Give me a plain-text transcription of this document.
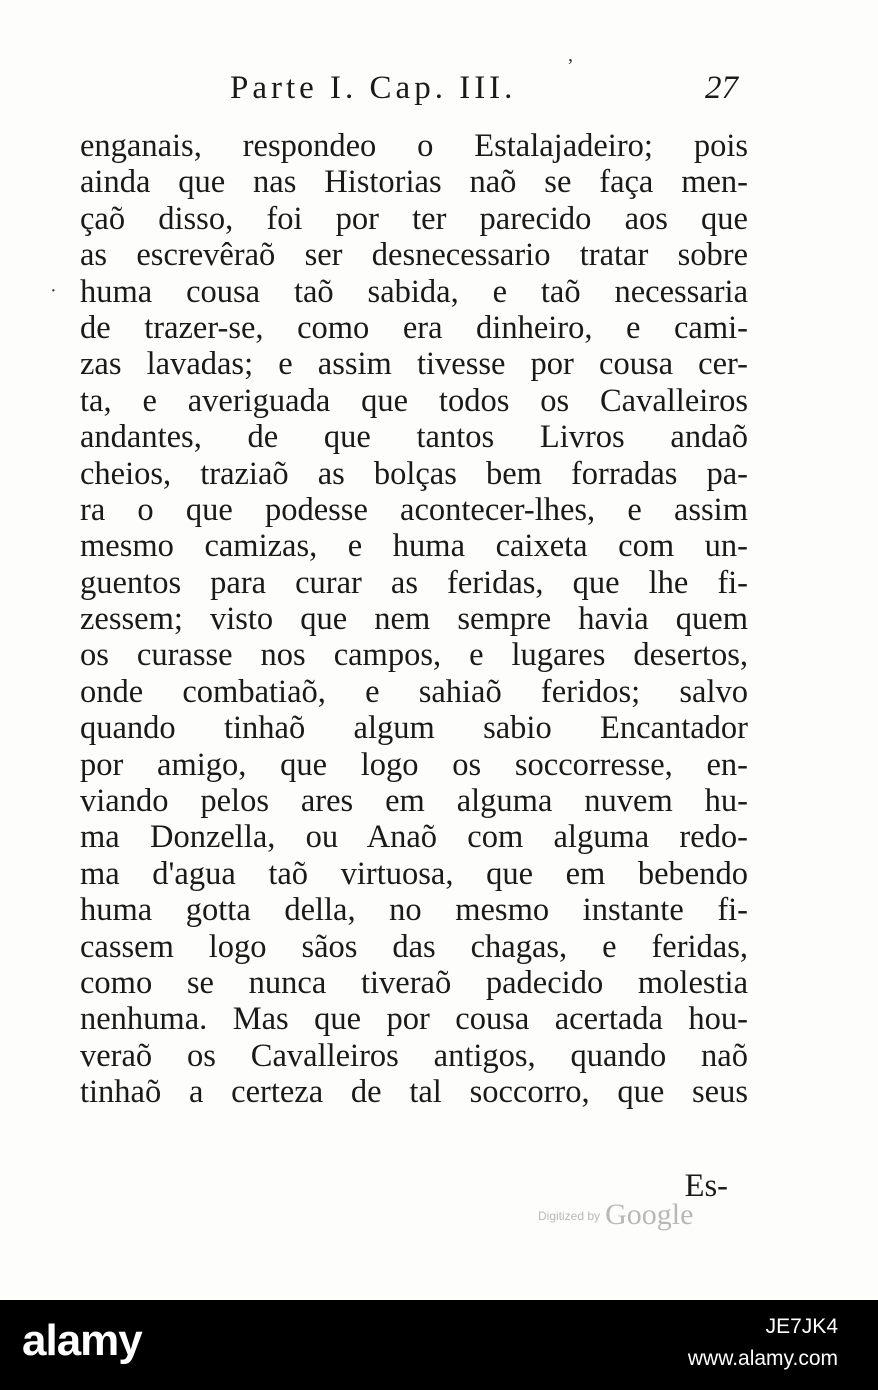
Parte I. Cap. III.	27
,
·
enganais, respondeo o Estalajadeiro; pois
ainda que nas Historias naõ se faça men-
çaõ disso, foi por ter parecido aos que
as escrevêraõ ser desnecessario tratar sobre
huma cousa taõ sabida, e taõ necessaria
de trazer-se, como era dinheiro, e cami-
zas lavadas; e assim tivesse por cousa cer-
ta, e averiguada que todos os Cavalleiros
andantes, de que tantos Livros andaõ
cheios, traziaõ as bolças bem forradas pa-
ra o que podesse acontecer-lhes, e assim
mesmo camizas, e huma caixeta com un-
guentos para curar as feridas, que lhe fi-
zessem; visto que nem sempre havia quem
os curasse nos campos, e lugares desertos,
onde combatiaõ, e sahiaõ feridos; salvo
quando tinhaõ algum sabio Encantador
por amigo, que logo os soccorresse, en-
viando pelos ares em alguma nuvem hu-
ma Donzella, ou Anaõ com alguma redo-
ma d'agua taõ virtuosa, que em bebendo
huma gotta della, no mesmo instante fi-
cassem logo sãos das chagas, e feridas,
como se nunca tiveraõ padecido molestia
nenhuma. Mas que por cousa acertada hou-
veraõ os Cavalleiros antigos, quando naõ
tinhaõ a certeza de tal soccorro, que seus
Es-
$^{Digitized by}$ Google
alamy	JE7JK4
www.alamy.com
